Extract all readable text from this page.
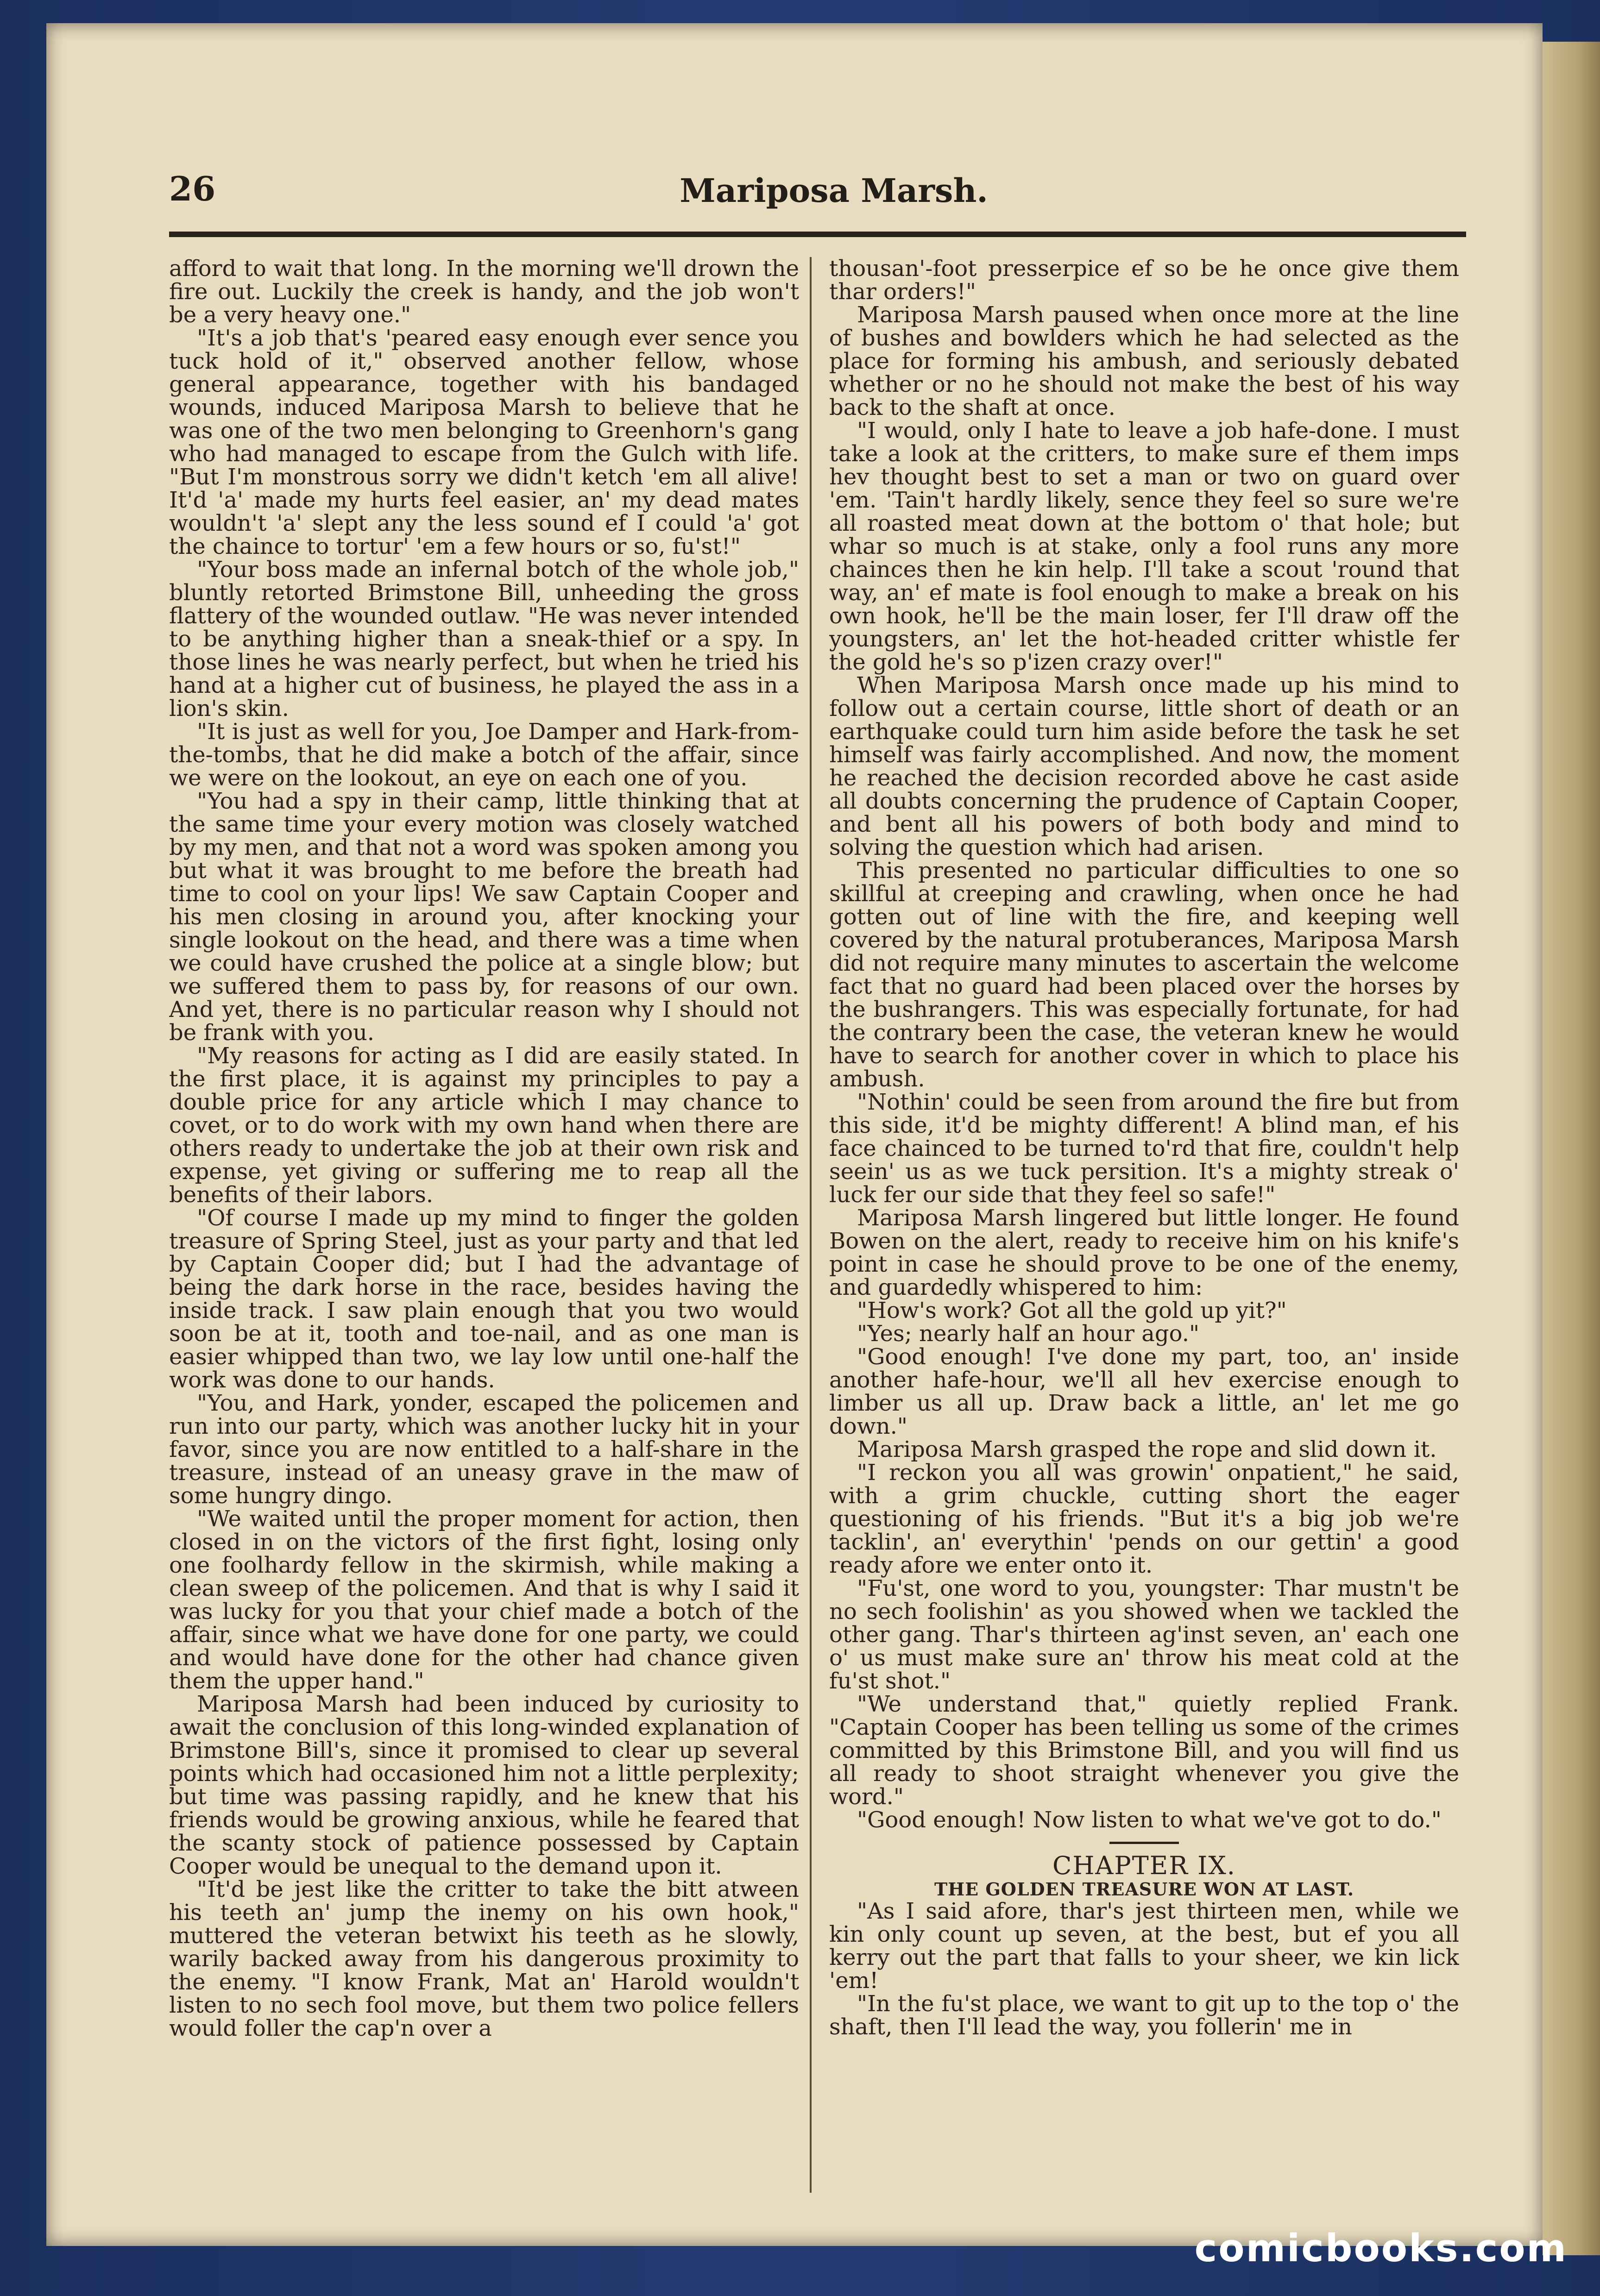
26	Mariposa Marsh.

afford to wait that long. In the morning we'll drown the fire out. Luckily the creek is handy, and the job won't be a very heavy one."

"It's a job that's 'peared easy enough ever sence you tuck hold of it," observed another fellow, whose general appearance, together with his bandaged wounds, induced Mariposa Marsh to believe that he was one of the two men belonging to Greenhorn's gang who had managed to escape from the Gulch with life. "But I'm monstrous sorry we didn't ketch 'em all alive! It'd 'a' made my hurts feel easier, an' my dead mates wouldn't 'a' slept any the less sound ef I could 'a' got the chaince to tortur' 'em a few hours or so, fu'st!"

"Your boss made an infernal botch of the whole job," bluntly retorted Brimstone Bill, unheeding the gross flattery of the wounded outlaw. "He was never intended to be anything higher than a sneak-thief or a spy. In those lines he was nearly perfect, but when he tried his hand at a higher cut of business, he played the ass in a lion's skin.

"It is just as well for you, Joe Damper and Hark-from-the-tombs, that he did make a botch of the affair, since we were on the lookout, an eye on each one of you.

"You had a spy in their camp, little thinking that at the same time your every motion was closely watched by my men, and that not a word was spoken among you but what it was brought to me before the breath had time to cool on your lips! We saw Captain Cooper and his men closing in around you, after knocking your single lookout on the head, and there was a time when we could have crushed the police at a single blow; but we suffered them to pass by, for reasons of our own. And yet, there is no particular reason why I should not be frank with you.

"My reasons for acting as I did are easily stated. In the first place, it is against my principles to pay a double price for any article which I may chance to covet, or to do work with my own hand when there are others ready to undertake the job at their own risk and expense, yet giving or suffering me to reap all the benefits of their labors.

"Of course I made up my mind to finger the golden treasure of Spring Steel, just as your party and that led by Captain Cooper did; but I had the advantage of being the dark horse in the race, besides having the inside track. I saw plain enough that you two would soon be at it, tooth and toe-nail, and as one man is easier whipped than two, we lay low until one-half the work was done to our hands.

"You, and Hark, yonder, escaped the policemen and run into our party, which was another lucky hit in your favor, since you are now entitled to a half-share in the treasure, instead of an uneasy grave in the maw of some hungry dingo.

"We waited until the proper moment for action, then closed in on the victors of the first fight, losing only one foolhardy fellow in the skirmish, while making a clean sweep of the policemen. And that is why I said it was lucky for you that your chief made a botch of the affair, since what we have done for one party, we could and would have done for the other had chance given them the upper hand."

Mariposa Marsh had been induced by curiosity to await the conclusion of this long-winded explanation of Brimstone Bill's, since it promised to clear up several points which had occasioned him not a little perplexity; but time was passing rapidly, and he knew that his friends would be growing anxious, while he feared that the scanty stock of patience possessed by Captain Cooper would be unequal to the demand upon it.

"It'd be jest like the critter to take the bitt atween his teeth an' jump the inemy on his own hook," muttered the veteran betwixt his teeth as he slowly, warily backed away from his dangerous proximity to the enemy. "I know Frank, Mat an' Harold wouldn't listen to no sech fool move, but them two police fellers would foller the cap'n over a

thousan'-foot presserpice ef so be he once give them thar orders!"

Mariposa Marsh paused when once more at the line of bushes and bowlders which he had selected as the place for forming his ambush, and seriously debated whether or no he should not make the best of his way back to the shaft at once.

"I would, only I hate to leave a job hafe-done. I must take a look at the critters, to make sure ef them imps hev thought best to set a man or two on guard over 'em. 'Tain't hardly likely, sence they feel so sure we're all roasted meat down at the bottom o' that hole; but whar so much is at stake, only a fool runs any more chainces then he kin help. I'll take a scout 'round that way, an' ef mate is fool enough to make a break on his own hook, he'll be the main loser, fer I'll draw off the youngsters, an' let the hot-headed critter whistle fer the gold he's so p'izen crazy over!"

When Mariposa Marsh once made up his mind to follow out a certain course, little short of death or an earthquake could turn him aside before the task he set himself was fairly accomplished. And now, the moment he reached the decision recorded above he cast aside all doubts concerning the prudence of Captain Cooper, and bent all his powers of both body and mind to solving the question which had arisen.

This presented no particular difficulties to one so skillful at creeping and crawling, when once he had gotten out of line with the fire, and keeping well covered by the natural protuberances, Mariposa Marsh did not require many minutes to ascertain the welcome fact that no guard had been placed over the horses by the bushrangers. This was especially fortunate, for had the contrary been the case, the veteran knew he would have to search for another cover in which to place his ambush.

"Nothin' could be seen from around the fire but from this side, it'd be mighty different! A blind man, ef his face chainced to be turned to'rd that fire, couldn't help seein' us as we tuck persition. It's a mighty streak o' luck fer our side that they feel so safe!"

Mariposa Marsh lingered but little longer. He found Bowen on the alert, ready to receive him on his knife's point in case he should prove to be one of the enemy, and guardedly whispered to him:

"How's work? Got all the gold up yit?"

"Yes; nearly half an hour ago."

"Good enough! I've done my part, too, an' inside another hafe-hour, we'll all hev exercise enough to limber us all up. Draw back a little, an' let me go down."

Mariposa Marsh grasped the rope and slid down it.

"I reckon you all was growin' onpatient," he said, with a grim chuckle, cutting short the eager questioning of his friends. "But it's a big job we're tacklin', an' everythin' 'pends on our gettin' a good ready afore we enter onto it.

"Fu'st, one word to you, youngster: Thar mustn't be no sech foolishin' as you showed when we tackled the other gang. Thar's thirteen ag'inst seven, an' each one o' us must make sure an' throw his meat cold at the fu'st shot."

"We understand that," quietly replied Frank. "Captain Cooper has been telling us some of the crimes committed by this Brimstone Bill, and you will find us all ready to shoot straight whenever you give the word."

"Good enough! Now listen to what we've got to do."

CHAPTER IX.

THE GOLDEN TREASURE WON AT LAST.

"As I said afore, thar's jest thirteen men, while we kin only count up seven, at the best, but ef you all kerry out the part that falls to your sheer, we kin lick 'em!

"In the fu'st place, we want to git up to the top o' the shaft, then I'll lead the way, you follerin' me in

comicbooks.com
